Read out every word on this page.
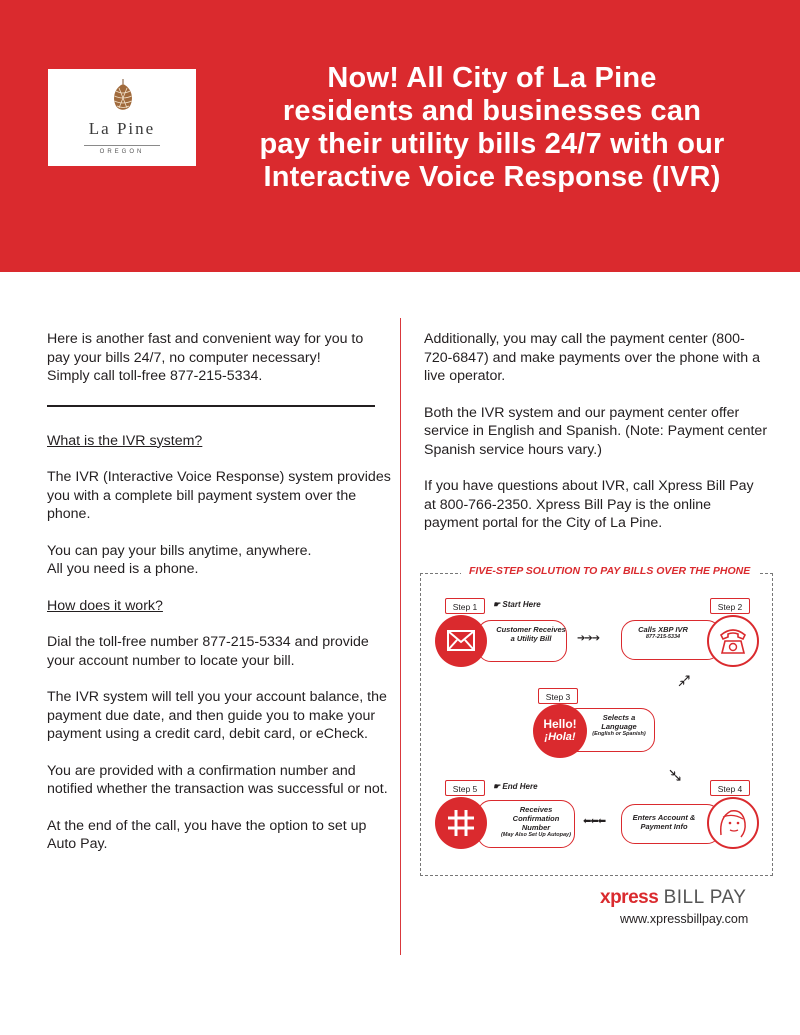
La Pine
OREGON
Now! All City of La Pine
residents and businesses can
pay their utility bills 24/7 with our
Interactive Voice Response (IVR)

Here is another fast and convenient way for you to pay your bills 24/7, no computer necessary! Simply call toll-free 877-215-5334.

What is the IVR system?

The IVR (Interactive Voice Response) system provides you with a complete bill payment system over the phone.

You can pay your bills anytime, anywhere.

All you need is a phone.

How does it work?

Dial the toll-free number 877-215-5334 and provide your account number to locate your bill.

The IVR system will tell you your account balance, the payment due date, and then guide you to make your payment using a credit card, debit card, or eCheck.

You are provided with a confirmation number and notified whether the transaction was successful or not.

At the end of the call, you have the option to set up Auto Pay.

Additionally, you may call the payment center (800-720-6847) and make payments over the phone with a live operator.

Both the IVR system and our payment center offer service in English and Spanish. (Note: Payment center Spanish service hours vary.)

If you have questions about IVR, call Xpress Bill Pay at 800-766-2350. Xpress Bill Pay is the online payment portal for the City of La Pine.

FIVE-STEP SOLUTION TO PAY BILLS OVER THE PHONE
Step 1	☛ Start Here
Customer Receives a Utility Bill	➔➔➔
Step 2
Calls XBP IVR
877-215-5334
➔➔
Step 3
Selects a Language
(English or Spanish)
Hello!
¡Hola!
➔➔
Step 5	☛ End Here
Receives Confirmation Number
(May Also Set Up Autopay)
⬅⬅⬅
Step 4
Enters Account & Payment Info
xpress BILL PAY
www.xpressbillpay.com
